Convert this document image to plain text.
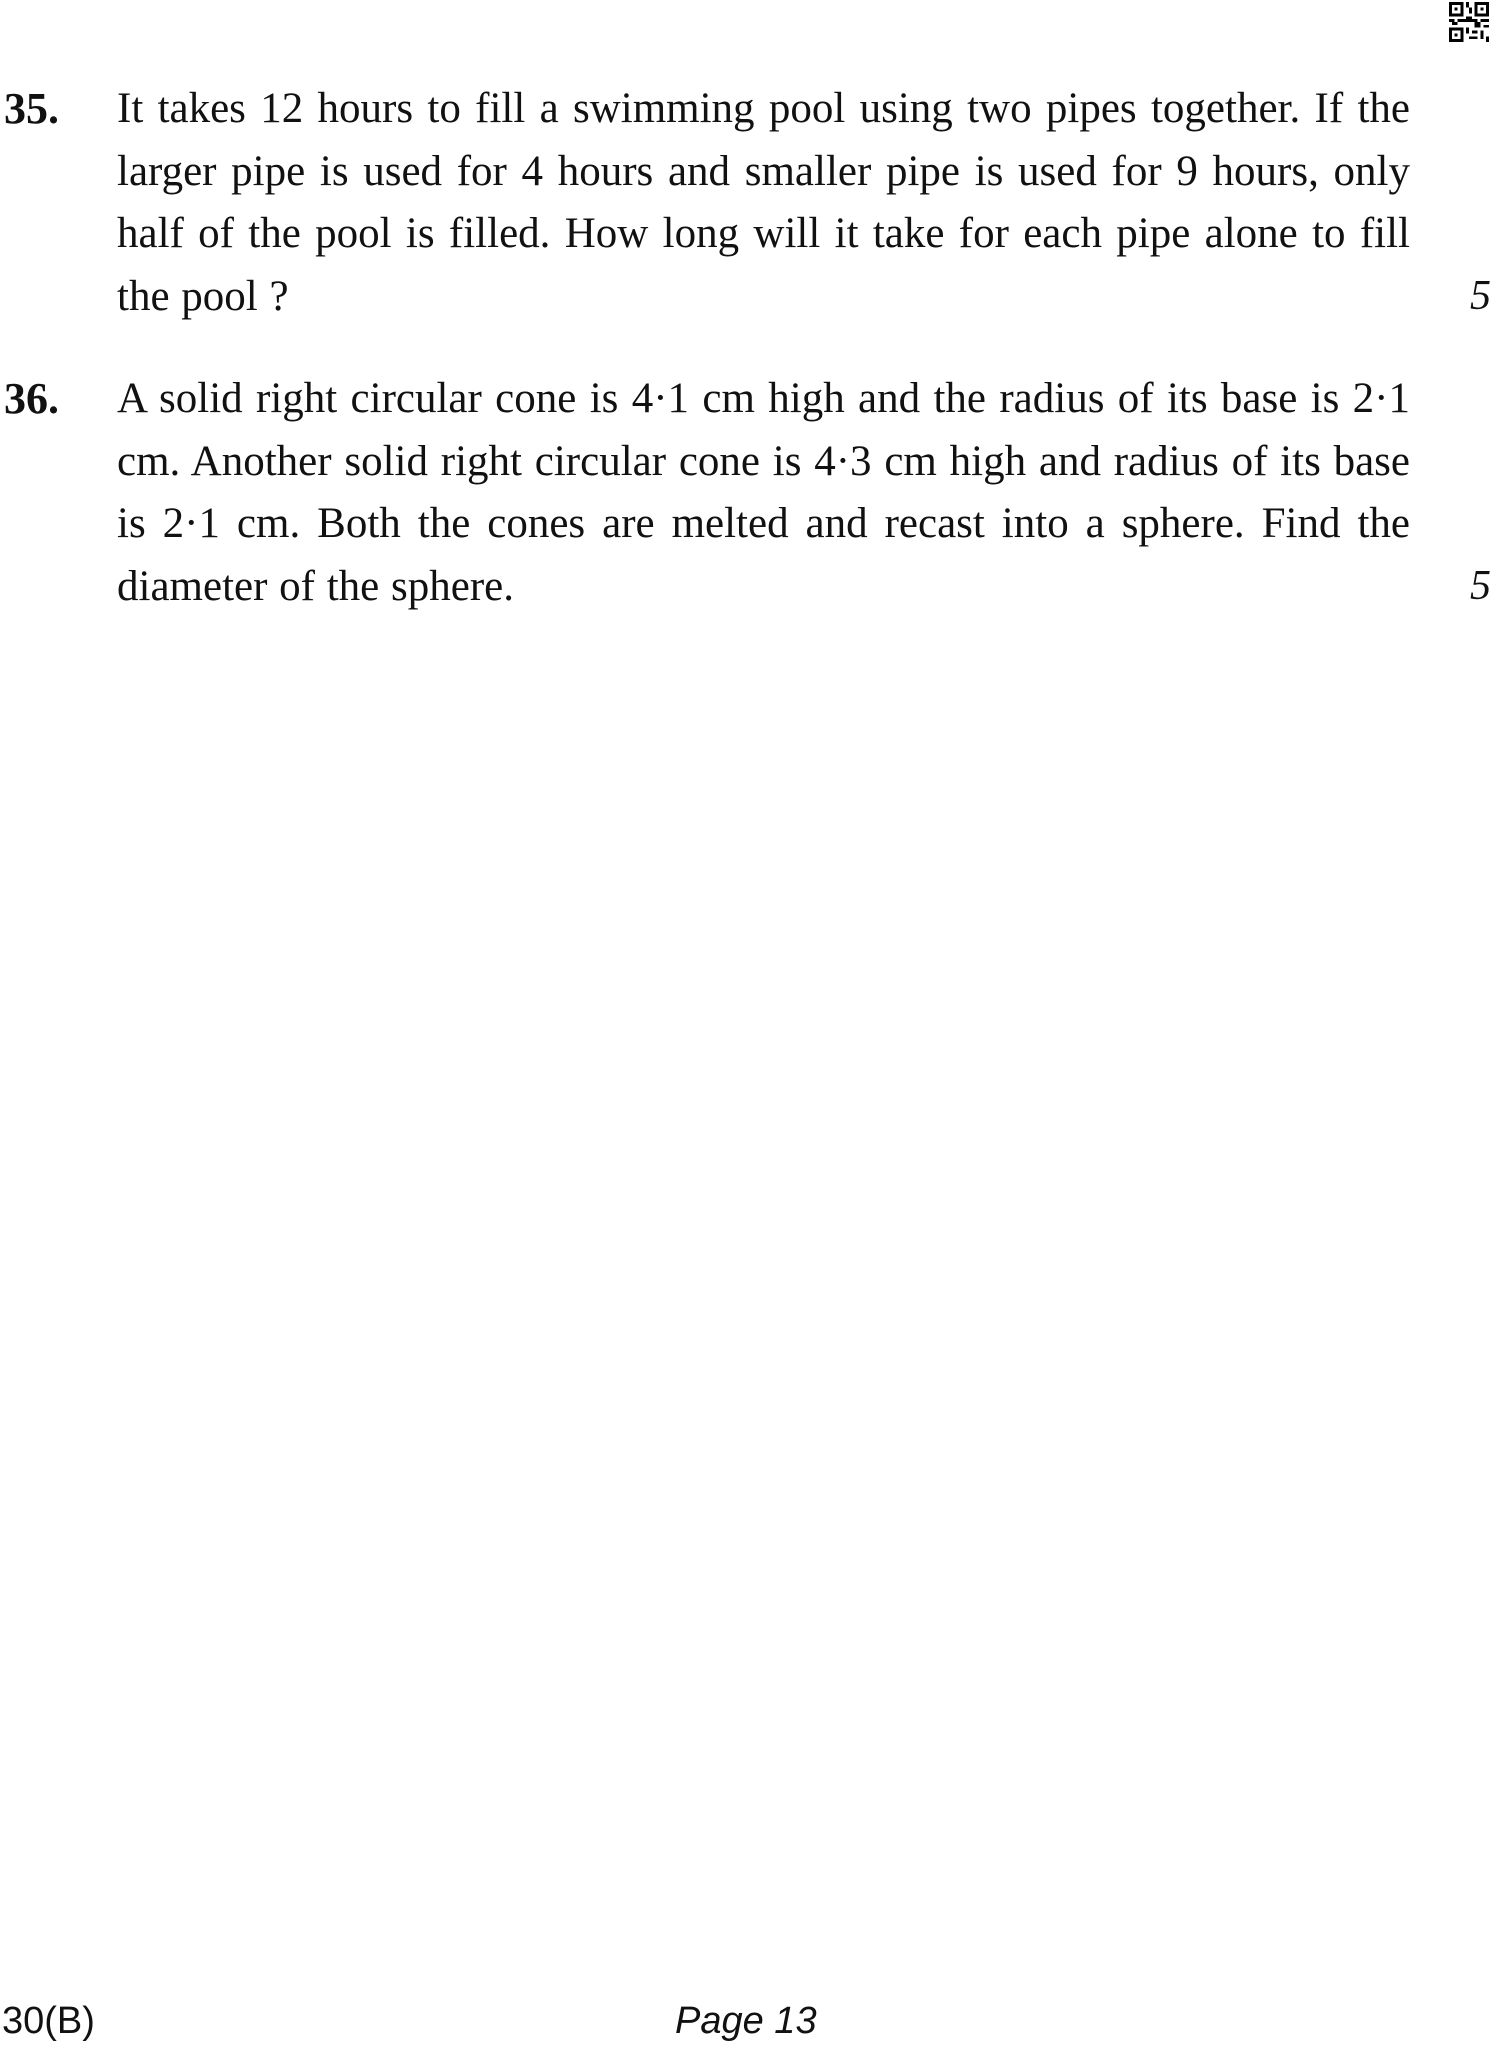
35. It takes 12 hours to fill a swimming pool using two pipes together. If the larger pipe is used for 4 hours and smaller pipe is used for 9 hours, only half of the pool is filled. How long will it take for each pipe alone to fill the pool ?	5
36. A solid right circular cone is 4·1 cm high and the radius of its base is 2·1 cm. Another solid right circular cone is 4·3 cm high and radius of its base is 2·1 cm. Both the cones are melted and recast into a sphere. Find the diameter of the sphere.	5
30(B)	Page 13
